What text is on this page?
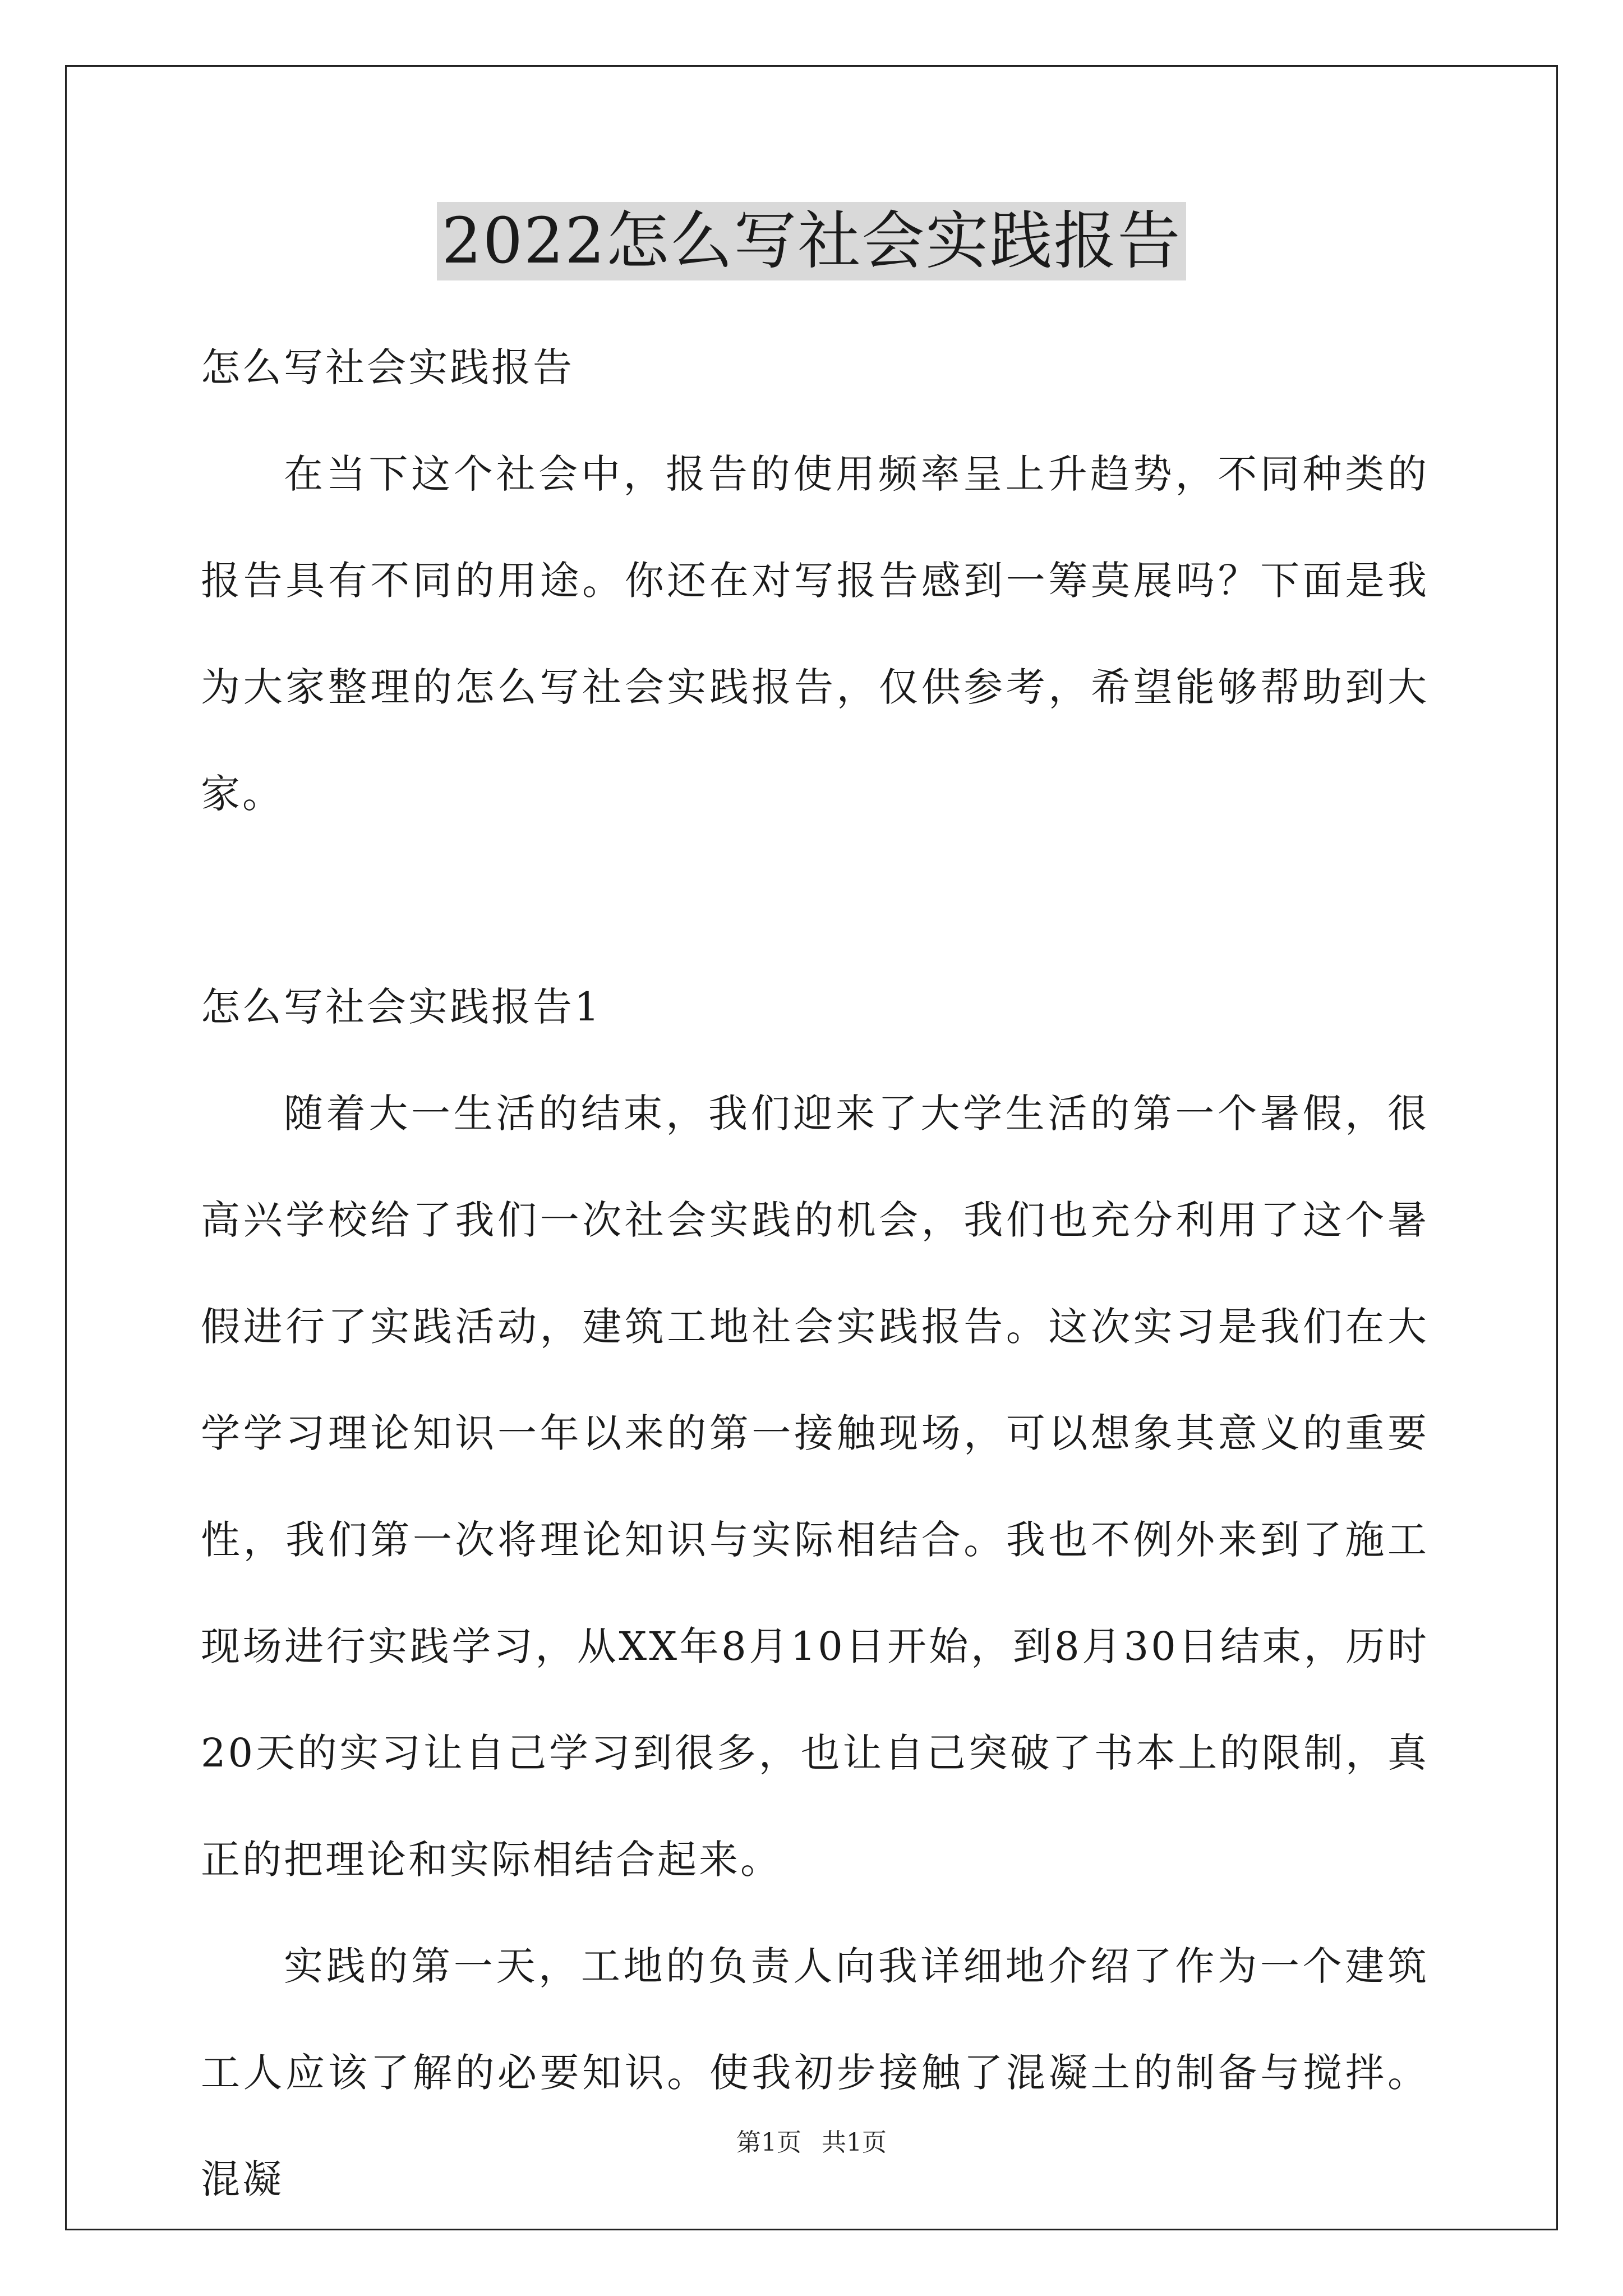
2022怎么写社会实践报告

怎么写社会实践报告

在当下这个社会中，报告的使用频率呈上升趋势，不同种类的报告具有不同的用途。你还在对写报告感到一筹莫展吗？下面是我为大家整理的怎么写社会实践报告，仅供参考，希望能够帮助到大家。

怎么写社会实践报告1

随着大一生活的结束，我们迎来了大学生活的第一个暑假，很高兴学校给了我们一次社会实践的机会，我们也充分利用了这个暑假进行了实践活动，建筑工地社会实践报告。这次实习是我们在大学学习理论知识一年以来的第一接触现场，可以想象其意义的重要性，我们第一次将理论知识与实际相结合。我也不例外来到了施工现场进行实践学习，从XX年8月10日开始，到8月30日结束，历时20天的实习让自己学习到很多，也让自己突破了书本上的限制，真正的把理论和实际相结合起来。

实践的第一天，工地的负责人向我详细地介绍了作为一个建筑工人应该了解的必要知识。使我初步接触了混凝土的制备与搅拌。混凝

第1页 共1页
